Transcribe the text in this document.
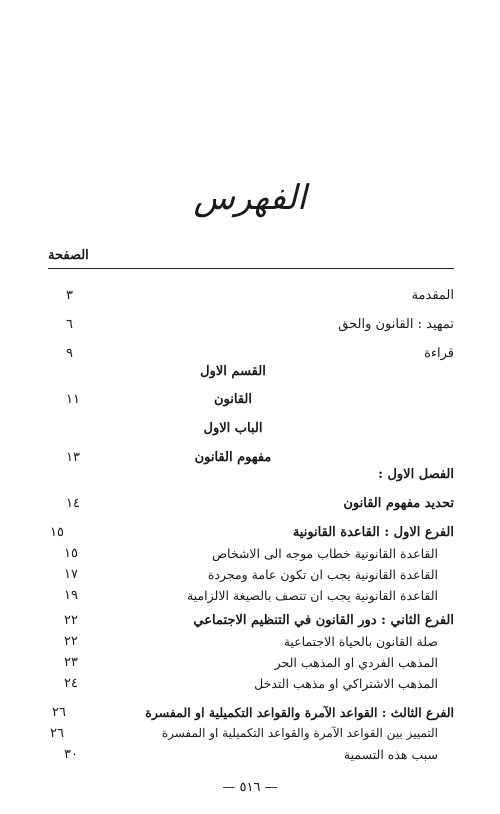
الفهرس
الصفحة
المقدمة
٣
تمهيد : القانون والحق
٦
قراءة
٩
القسم الاول
القانون
١١
الباب الاول
مفهوم القانون
١٣
الفصل الاول :
تحديد مفهوم القانون
١٤
الفرع الاول : القاعدة القانونية
١٥
القاعدة القانونية خطاب موجه الى الاشخاص
١٥
القاعدة القانونية يجب ان تكون عامة ومجردة
١٧
القاعدة القانونية يجب ان تتصف بالصيغة الالزامية
١٩
الفرع الثاني : دور القانون في التنظيم الاجتماعي
٢٢
صلة القانون بالحياة الاجتماعية
٢٢
المذهب الفردي او المذهب الحر
٢٣
المذهب الاشتراكي او مذهب التدخل
٢٤
الفرع الثالث : القواعد الآمرة والقواعد التكميلية او المفسرة
٢٦
التمييز بين القواعد الآمرة والقواعد التكميلية او المفسرة
٢٦
سبب هذه التسمية
٣٠
— ٥١٦ —
